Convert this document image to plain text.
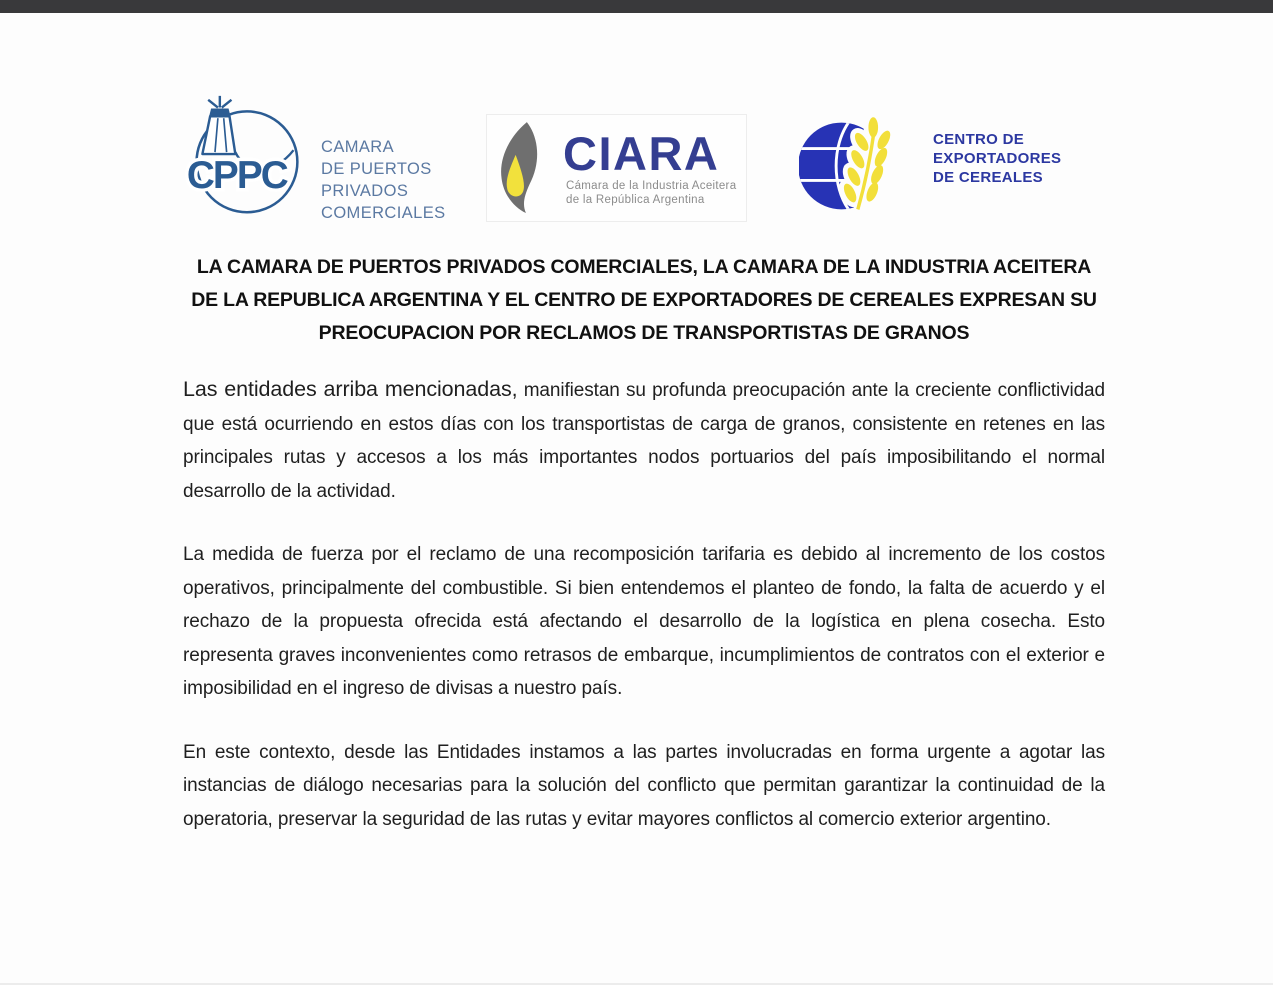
CPPC
CAMARA
DE PUERTOS
PRIVADOS
COMERCIALES
CIARA
Cámara de la Industria Aceitera
de la República Argentina
CENTRO DE
EXPORTADORES
DE CEREALES
LA CAMARA DE PUERTOS PRIVADOS COMERCIALES, LA CAMARA DE LA INDUSTRIA ACEITERA
DE LA REPUBLICA ARGENTINA Y EL CENTRO DE EXPORTADORES DE CEREALES EXPRESAN SU
PREOCUPACION POR RECLAMOS DE TRANSPORTISTAS DE GRANOS

Las entidades arriba mencionadas, manifiestan su profunda preocupación ante la creciente conflictividad que está ocurriendo en estos días con los transportistas de carga de granos, consistente en retenes en las principales rutas y accesos a los más importantes nodos portuarios del país imposibilitando el normal desarrollo de la actividad.

La medida de fuerza por el reclamo de una recomposición tarifaria es debido al incremento de los costos operativos, principalmente del combustible. Si bien entendemos el planteo de fondo, la falta de acuerdo y el rechazo de la propuesta ofrecida está afectando el desarrollo de la logística en plena cosecha. Esto representa graves inconvenientes como retrasos de embarque, incumplimientos de contratos con el exterior e imposibilidad en el ingreso de divisas a nuestro país.

En este contexto, desde las Entidades instamos a las partes involucradas en forma urgente a agotar las instancias de diálogo necesarias para la solución del conflicto que permitan garantizar la continuidad de la operatoria, preservar la seguridad de las rutas y evitar mayores conflictos al comercio exterior argentino.
